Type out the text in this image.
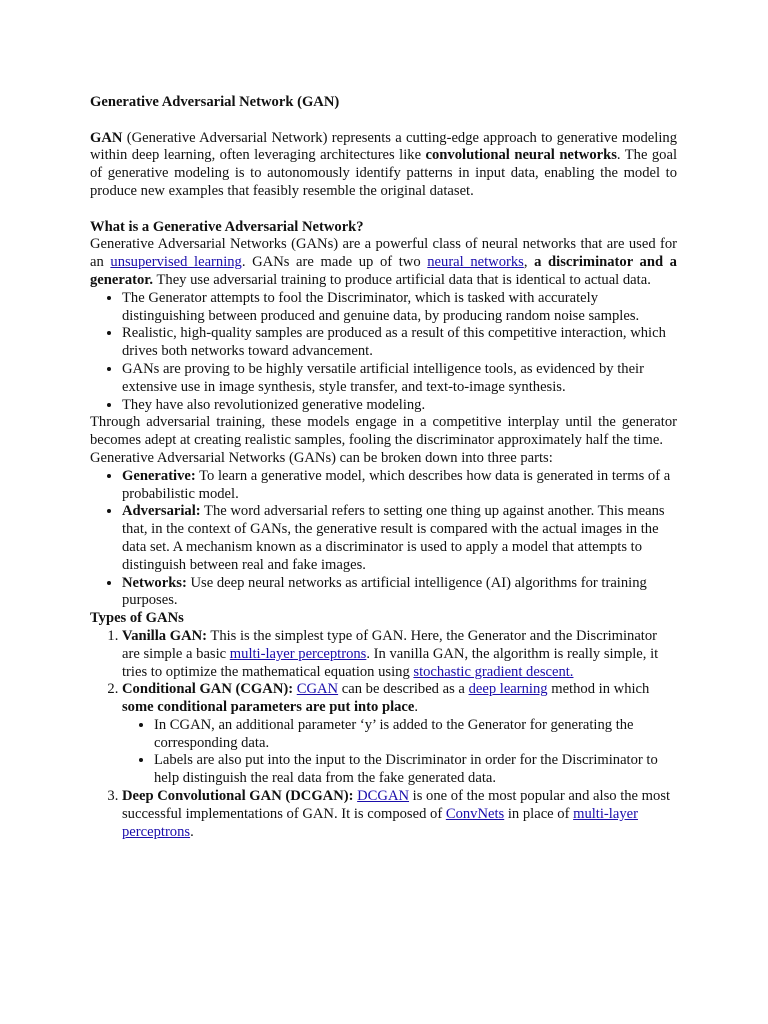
Generative Adversarial Network (GAN)

GAN (Generative Adversarial Network) represents a cutting-edge approach to generative modeling within deep learning, often leveraging architectures like convolutional neural networks. The goal of generative modeling is to autonomously identify patterns in input data, enabling the model to produce new examples that feasibly resemble the original dataset.

What is a Generative Adversarial Network?

Generative Adversarial Networks (GANs) are a powerful class of neural networks that are used for an unsupervised learning. GANs are made up of two neural networks, a discriminator and a generator. They use adversarial training to produce artificial data that is identical to actual data.

• The Generator attempts to fool the Discriminator, which is tasked with accurately distinguishing between produced and genuine data, by producing random noise samples.
• Realistic, high-quality samples are produced as a result of this competitive interaction, which drives both networks toward advancement.
• GANs are proving to be highly versatile artificial intelligence tools, as evidenced by their extensive use in image synthesis, style transfer, and text-to-image synthesis.
• They have also revolutionized generative modeling.

Through adversarial training, these models engage in a competitive interplay until the generator becomes adept at creating realistic samples, fooling the discriminator approximately half the time.

Generative Adversarial Networks (GANs) can be broken down into three parts:

• Generative: To learn a generative model, which describes how data is generated in terms of a probabilistic model.
• Adversarial: The word adversarial refers to setting one thing up against another. This means that, in the context of GANs, the generative result is compared with the actual images in the data set. A mechanism known as a discriminator is used to apply a model that attempts to distinguish between real and fake images.
• Networks: Use deep neural networks as artificial intelligence (AI) algorithms for training purposes.
Types of GANs
1. Vanilla GAN: This is the simplest type of GAN. Here, the Generator and the Discriminator are simple a basic multi-layer perceptrons. In vanilla GAN, the algorithm is really simple, it tries to optimize the mathematical equation using stochastic gradient descent.
2. Conditional GAN (CGAN): CGAN can be described as a deep learning method in which some conditional parameters are put into place.
• In CGAN, an additional parameter ‘y’ is added to the Generator for generating the corresponding data.
• Labels are also put into the input to the Discriminator in order for the Discriminator to help distinguish the real data from the fake generated data.
3. Deep Convolutional GAN (DCGAN): DCGAN is one of the most popular and also the most successful implementations of GAN. It is composed of ConvNets in place of multi-layer perceptrons.
